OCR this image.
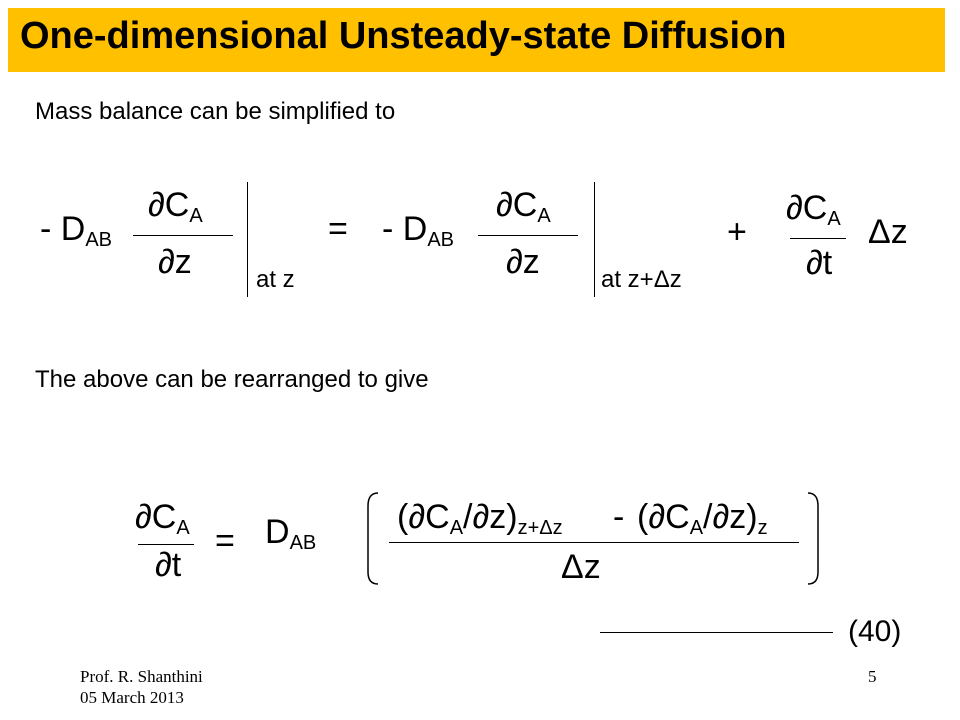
One-dimensional Unsteady-state Diffusion
Mass balance can be simplified to
- $D_{AB}$
$\partial C_A$
∂z	at z
= - $D_{AB}$
$\partial C_A$
∂z	at z+Δz
+
$\partial C_A$
∂t
Δz
The above can be rearranged to give
$\partial C_A$
∂t
= $D_{AB}$
$(\partial C_A/\partial z)_{z+\Delta z} - (\partial C_A/\partial z)_z$
Δz
(40)
Prof. R. Shanthini
05 March 2013
5
